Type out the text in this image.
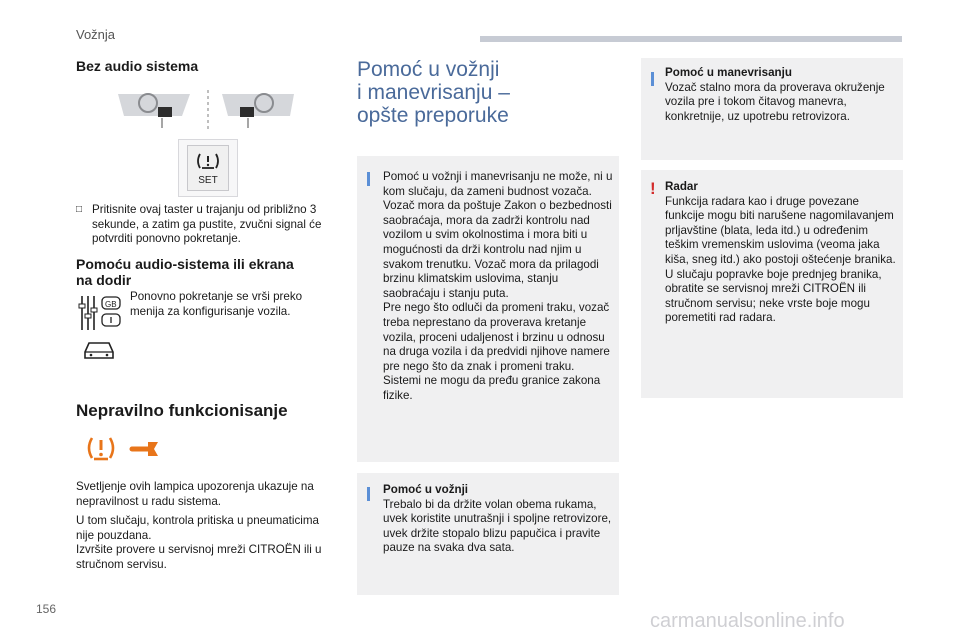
Vožnja
Bez audio sistema
SET
□ Pritisnite ovaj taster u trajanju od približno 3 sekunde, a zatim ga pustite, zvučni signal će potvrditi ponovno pokretanje.
Pomoću audio-sistema ili ekrana
na dodir
GB
Ponovno pokretanje se vrši preko menija za konfigurisanje vozila.
Nepravilno funkcionisanje
Svetljenje ovih lampica upozorenja ukazuje na nepravilnost u radu sistema.
U tom slučaju, kontrola pritiska u pneumaticima nije pouzdana.
Izvršite provere u servisnoj mreži CITROËN ili u stručnom servisu.
Pomoć u vožnji
i manevrisanju –
opšte preporuke
Pomoć u vožnji i manevrisanju ne može, ni u kom slučaju, da zameni budnost vozača. Vozač mora da poštuje Zakon o bezbednosti saobraćaja, mora da zadrži kontrolu nad vozilom u svim okolnostima i mora biti u mogućnosti da drži kontrolu nad njim u svakom trenutku. Vozač mora da prilagodi brzinu klimatskim uslovima, stanju saobraćaju i stanju puta.
Pre nego što odluči da promeni traku, vozač treba neprestano da proverava kretanje vozila, proceni udaljenost i brzinu u odnosu na druga vozila i da predvidi njihove namere pre nego što da znak i promeni traku.
Sistemi ne mogu da pređu granice zakona fizike.
Pomoć u vožnji
Trebalo bi da držite volan obema rukama, uvek koristite unutrašnji i spoljne retrovizore, uvek držite stopalo blizu papučica i pravite pauze na svaka dva sata.
Pomoć u manevrisanju
Vozač stalno mora da proverava okruženje vozila pre i tokom čitavog manevra, konkretnije, uz upotrebu retrovizora.
! Radar
Funkcija radara kao i druge povezane funkcije mogu biti narušene nagomilavanjem prljavštine (blata, leda itd.) u određenim teškim vremenskim uslovima (veoma jaka kiša, sneg itd.) ako postoji oštećenje branika.
U slučaju popravke boje prednjeg branika, obratite se servisnoj mreži CITROËN ili stručnom servisu; neke vrste boje mogu poremetiti rad radara.
156
carmanualsonline.info
